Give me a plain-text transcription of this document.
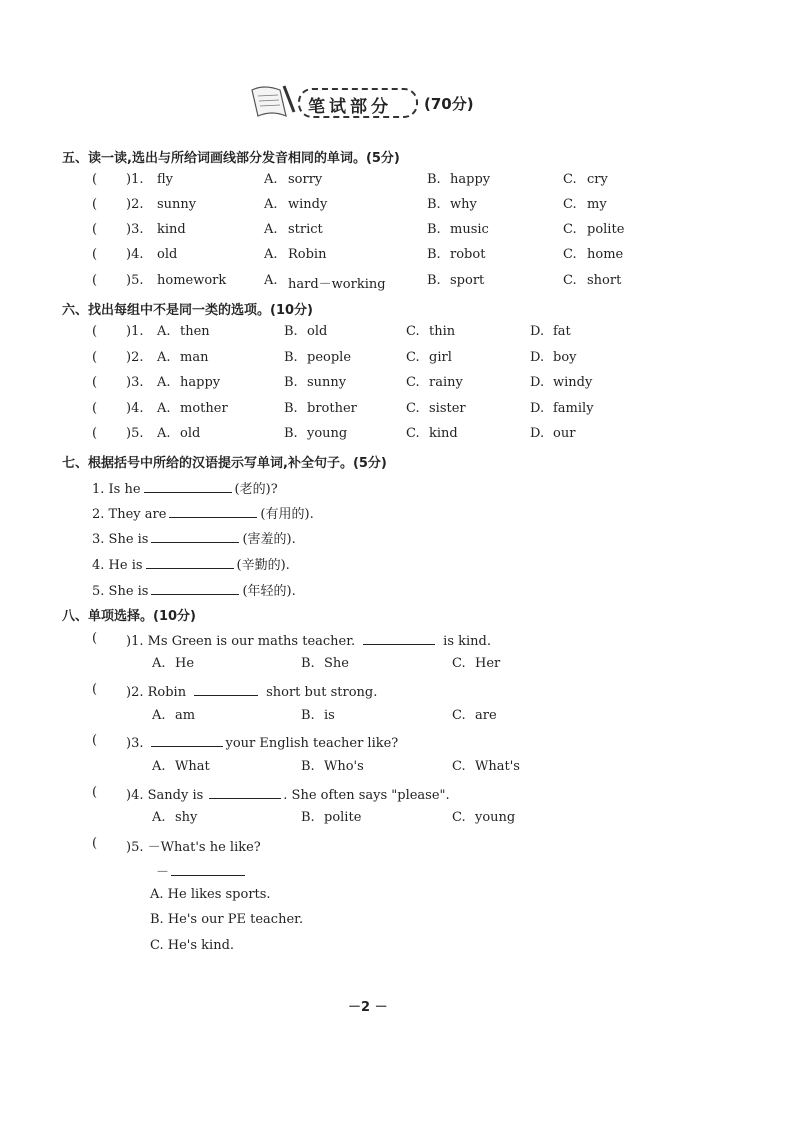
笔试部分 (70分)
五、读一读,选出与所给词画线部分发音相同的单词。(5分)
( )1. fly	A. sorry	B. happy	C. cry
( )2. sunny	A. windy	B. why	C. my
( )3. kind	A. strict	B. music	C. polite
( )4. old	A. Robin	B. robot	C. home
( )5. homework	A. hard－working	B. sport	C. short
六、找出每组中不是同一类的选项。(10分)
( )1. A. then	B. old	C. thin	D. fat
( )2. A. man	B. people	C. girl	D. boy
( )3. A. happy	B. sunny	C. rainy	D. windy
( )4. A. mother	B. brother	C. sister	D. family
( )5. A. old	B. young	C. kind	D. our
七、根据括号中所给的汉语提示写单词,补全句子。(5分)
1. Is he	(老的)?
2. They are	(有用的).
3. She is	(害羞的).
4. He is	(辛勤的).
5. She is	(年轻的).
八、单项选择。(10分)
( )1. Ms Green is our maths teacher.	is kind.
A. He	B. She	C. Her
( )2. Robin	short but strong.
A. am	B. is	C. are
( )3.	your English teacher like?
A. What	B. Who's	C. What's
( )4. Sandy is	. She often says "please".
A. shy	B. polite	C. young
( )5. －What's he like?
－
A. He likes sports.
B. He's our PE teacher.
C. He's kind.
－2 －
